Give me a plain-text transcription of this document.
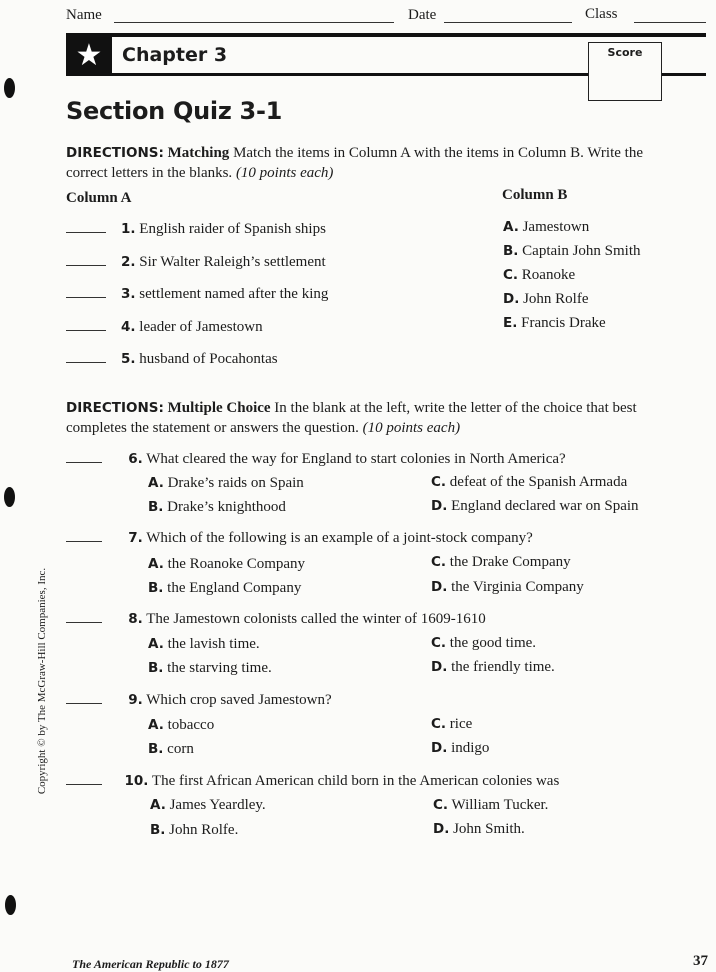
Name	Date	Class
★	Chapter 3	Score
Section Quiz 3-1
DIRECTIONS: Matching Match the items in Column A with the items in Column B. Write the correct letters in the blanks. (10 points each)
Column A	Column B
1. English raider of Spanish ships
2. Sir Walter Raleigh’s settlement
3. settlement named after the king
4. leader of Jamestown
5. husband of Pocahontas
A. Jamestown
B. Captain John Smith
C. Roanoke
D. John Rolfe
E. Francis Drake
DIRECTIONS: Multiple Choice In the blank at the left, write the letter of the choice that best completes the statement or answers the question. (10 points each)
6. What cleared the way for England to start colonies in North America?
A. Drake’s raids on Spain
B. Drake’s knighthood
C. defeat of the Spanish Armada
D. England declared war on Spain
7. Which of the following is an example of a joint-stock company?
A. the Roanoke Company
B. the England Company
C. the Drake Company
D. the Virginia Company
8. The Jamestown colonists called the winter of 1609-1610
A. the lavish time.
B. the starving time.
C. the good time.
D. the friendly time.
9. Which crop saved Jamestown?
A. tobacco
B. corn
C. rice
D. indigo
10. The first African American child born in the American colonies was
A. James Yeardley.
B. John Rolfe.
C. William Tucker.
D. John Smith.
Copyright © by The McGraw-Hill Companies, Inc.
The American Republic to 1877	37
